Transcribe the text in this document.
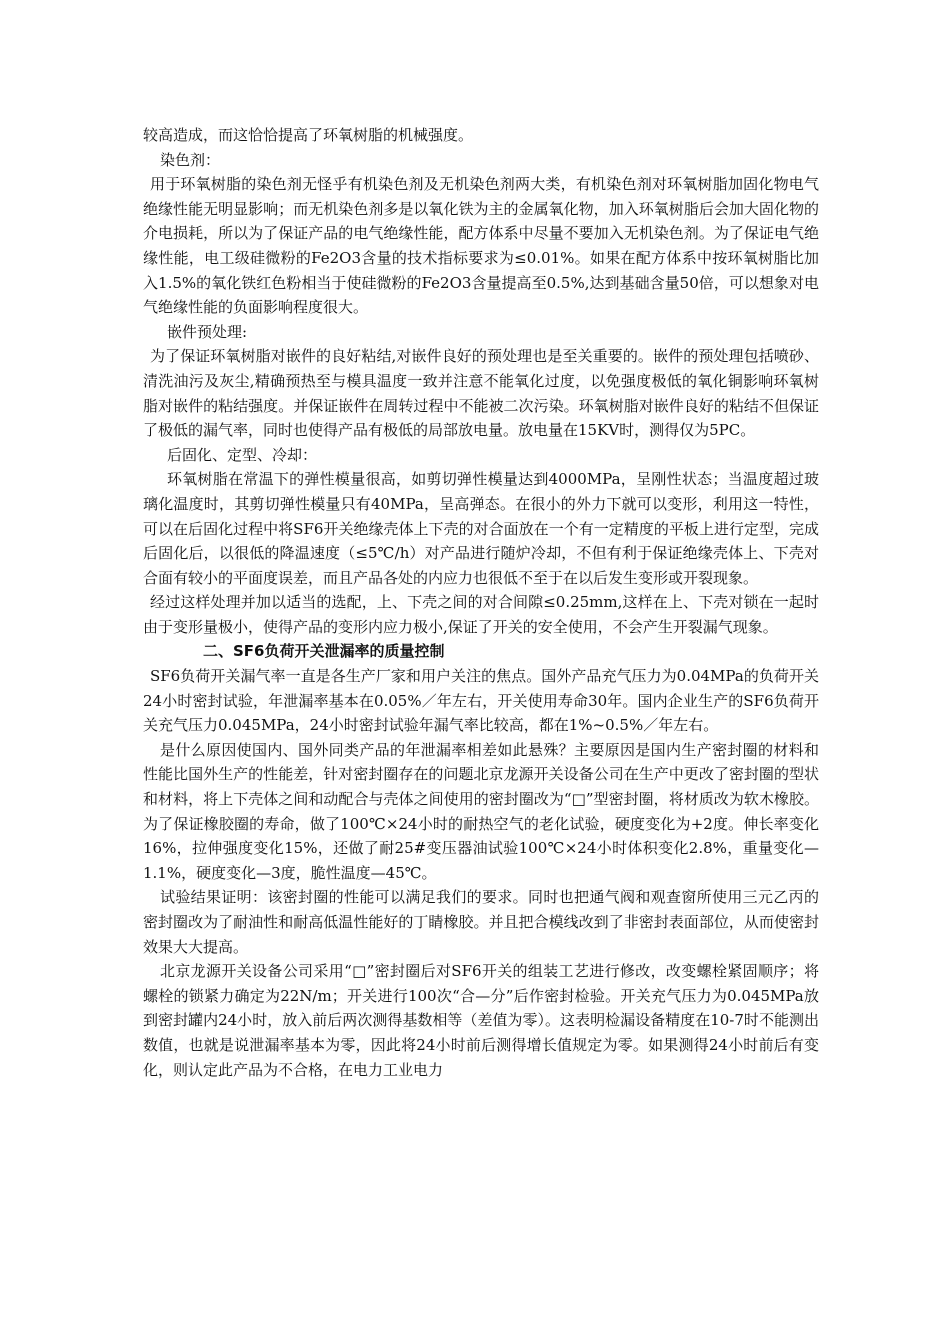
较高造成，而这恰恰提高了环氧树脂的机械强度。

染色剂：

用于环氧树脂的染色剂无怪乎有机染色剂及无机染色剂两大类，有机染色剂对环氧树脂加固化物电气绝缘性能无明显影响；而无机染色剂多是以氧化铁为主的金属氧化物，加入环氧树脂后会加大固化物的介电损耗，所以为了保证产品的电气绝缘性能，配方体系中尽量不要加入无机染色剂。为了保证电气绝缘性能，电工级硅微粉的Fe2O3含量的技术指标要求为≤0.01%。如果在配方体系中按环氧树脂比加入1.5%的氧化铁红色粉相当于使硅微粉的Fe2O3含量提高至0.5%,达到基础含量50倍，可以想象对电气绝缘性能的负面影响程度很大。

嵌件预处理:

为了保证环氧树脂对嵌件的良好粘结,对嵌件良好的预处理也是至关重要的。嵌件的预处理包括喷砂、清洗油污及灰尘,精确预热至与模具温度一致并注意不能氧化过度，以免强度极低的氧化铜影响环氧树脂对嵌件的粘结强度。并保证嵌件在周转过程中不能被二次污染。环氧树脂对嵌件良好的粘结不但保证了极低的漏气率，同时也使得产品有极低的局部放电量。放电量在15KV时，测得仅为5PC。

后固化、定型、冷却：

环氧树脂在常温下的弹性模量很高，如剪切弹性模量达到4000MPa，呈刚性状态；当温度超过玻璃化温度时，其剪切弹性模量只有40MPa，呈高弹态。在很小的外力下就可以变形，利用这一特性，可以在后固化过程中将SF6开关绝缘壳体上下壳的对合面放在一个有一定精度的平板上进行定型，完成后固化后，以很低的降温速度（≤5℃/h）对产品进行随炉冷却，不但有利于保证绝缘壳体上、下壳对合面有较小的平面度误差，而且产品各处的内应力也很低不至于在以后发生变形或开裂现象。

经过这样处理并加以适当的选配，上、下壳之间的对合间隙≤0.25mm,这样在上、下壳对锁在一起时由于变形量极小，使得产品的变形内应力极小,保证了开关的安全使用，不会产生开裂漏气现象。

二、SF6负荷开关泄漏率的质量控制

SF6负荷开关漏气率一直是各生产厂家和用户关注的焦点。国外产品充气压力为0.04MPa的负荷开关24小时密封试验，年泄漏率基本在0.05%／年左右，开关使用寿命30年。国内企业生产的SF6负荷开关充气压力0.045MPa，24小时密封试验年漏气率比较高，都在1%~0.5%／年左右。

是什么原因使国内、国外同类产品的年泄漏率相差如此悬殊？主要原因是国内生产密封圈的材料和性能比国外生产的性能差，针对密封圈存在的问题北京龙源开关设备公司在生产中更改了密封圈的型状和材料，将上下壳体之间和动配合与壳体之间使用的密封圈改为“□”型密封圈，将材质改为软木橡胶。为了保证橡胶圈的寿命，做了100℃×24小时的耐热空气的老化试验，硬度变化为+2度。伸长率变化16%，拉伸强度变化15%，还做了耐25#变压器油试验100℃×24小时体积变化2.8%，重量变化—1.1%，硬度变化—3度，脆性温度—45℃。

试验结果证明：该密封圈的性能可以满足我们的要求。同时也把通气阀和观查窗所使用三元乙丙的密封圈改为了耐油性和耐高低温性能好的丁睛橡胶。并且把合模线改到了非密封表面部位，从而使密封效果大大提高。

北京龙源开关设备公司采用“□”密封圈后对SF6开关的组装工艺进行修改，改变螺栓紧固顺序；将螺栓的锁紧力确定为22N/m；开关进行100次“合—分”后作密封检验。开关充气压力为0.045MPa放到密封罐内24小时，放入前后两次测得基数相等（差值为零）。这表明检漏设备精度在10-7时不能测出数值，也就是说泄漏率基本为零，因此将24小时前后测得增长值规定为零。如果测得24小时前后有变化，则认定此产品为不合格，在电力工业电力
